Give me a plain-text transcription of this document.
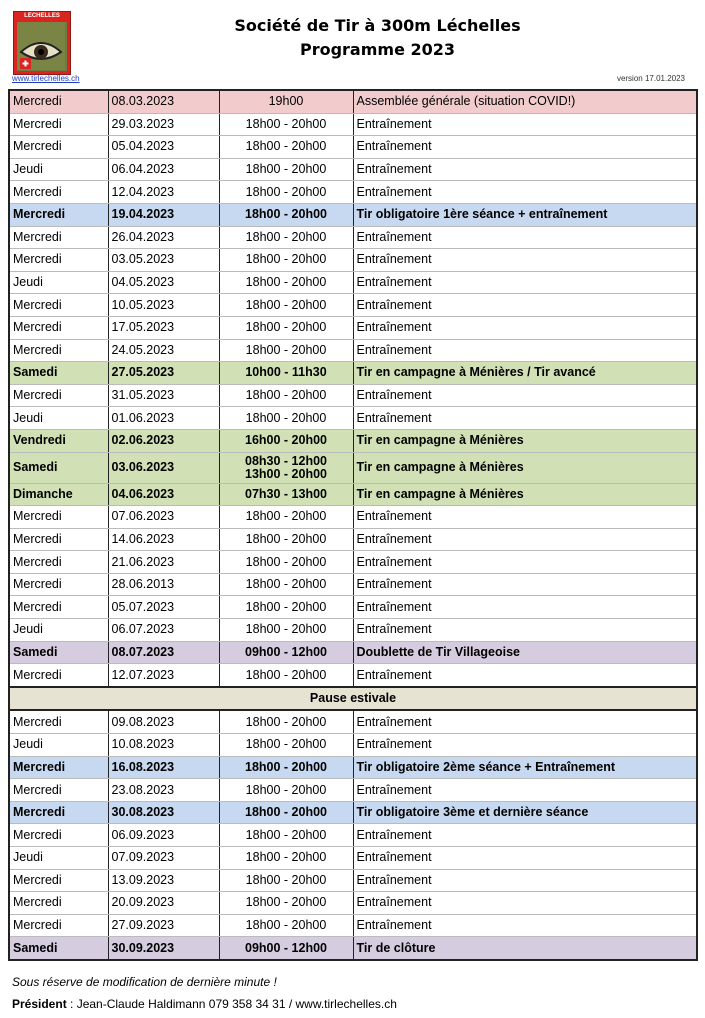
LÉCHELLES	Société de Tir à 300m Léchelles
Programme 2023
www.tirlechelles.ch	version 17.01.2023
Mercredi	08.03.2023	19h00	Assemblée générale (situation COVID!)
Mercredi	29.03.2023	18h00 - 20h00	Entraînement
Mercredi	05.04.2023	18h00 - 20h00	Entraînement
Jeudi	06.04.2023	18h00 - 20h00	Entraînement
Mercredi	12.04.2023	18h00 - 20h00	Entraînement
Mercredi	19.04.2023	18h00 - 20h00	Tir obligatoire 1ère séance + entraînement
Mercredi	26.04.2023	18h00 - 20h00	Entraînement
Mercredi	03.05.2023	18h00 - 20h00	Entraînement
Jeudi	04.05.2023	18h00 - 20h00	Entraînement
Mercredi	10.05.2023	18h00 - 20h00	Entraînement
Mercredi	17.05.2023	18h00 - 20h00	Entraînement
Mercredi	24.05.2023	18h00 - 20h00	Entraînement
Samedi	27.05.2023	10h00 - 11h30	Tir en campagne à Ménières / Tir avancé
Mercredi	31.05.2023	18h00 - 20h00	Entraînement
Jeudi	01.06.2023	18h00 - 20h00	Entraînement
Vendredi	02.06.2023	16h00 - 20h00	Tir en campagne à Ménières
Samedi	03.06.2023	08h30 - 12h00
13h00 - 20h00	Tir en campagne à Ménières
Dimanche	04.06.2023	07h30 - 13h00	Tir en campagne à Ménières
Mercredi	07.06.2023	18h00 - 20h00	Entraînement
Mercredi	14.06.2023	18h00 - 20h00	Entraînement
Mercredi	21.06.2023	18h00 - 20h00	Entraînement
Mercredi	28.06.2013	18h00 - 20h00	Entraînement
Mercredi	05.07.2023	18h00 - 20h00	Entraînement
Jeudi	06.07.2023	18h00 - 20h00	Entraînement
Samedi	08.07.2023	09h00 - 12h00	Doublette de Tir Villageoise
Mercredi	12.07.2023	18h00 - 20h00	Entraînement
Pause estivale			
Mercredi	09.08.2023	18h00 - 20h00	Entraînement
Jeudi	10.08.2023	18h00 - 20h00	Entraînement
Mercredi	16.08.2023	18h00 - 20h00	Tir obligatoire 2ème séance + Entraînement
Mercredi	23.08.2023	18h00 - 20h00	Entraînement
Mercredi	30.08.2023	18h00 - 20h00	Tir obligatoire 3ème et dernière séance
Mercredi	06.09.2023	18h00 - 20h00	Entraînement
Jeudi	07.09.2023	18h00 - 20h00	Entraînement
Mercredi	13.09.2023	18h00 - 20h00	Entraînement
Mercredi	20.09.2023	18h00 - 20h00	Entraînement
Mercredi	27.09.2023	18h00 - 20h00	Entraînement
Samedi	30.09.2023	09h00 - 12h00	Tir de clôture
Sous réserve de modification de dernière minute !
Président : Jean-Claude Haldimann 079 358 34 31 / www.tirlechelles.ch
